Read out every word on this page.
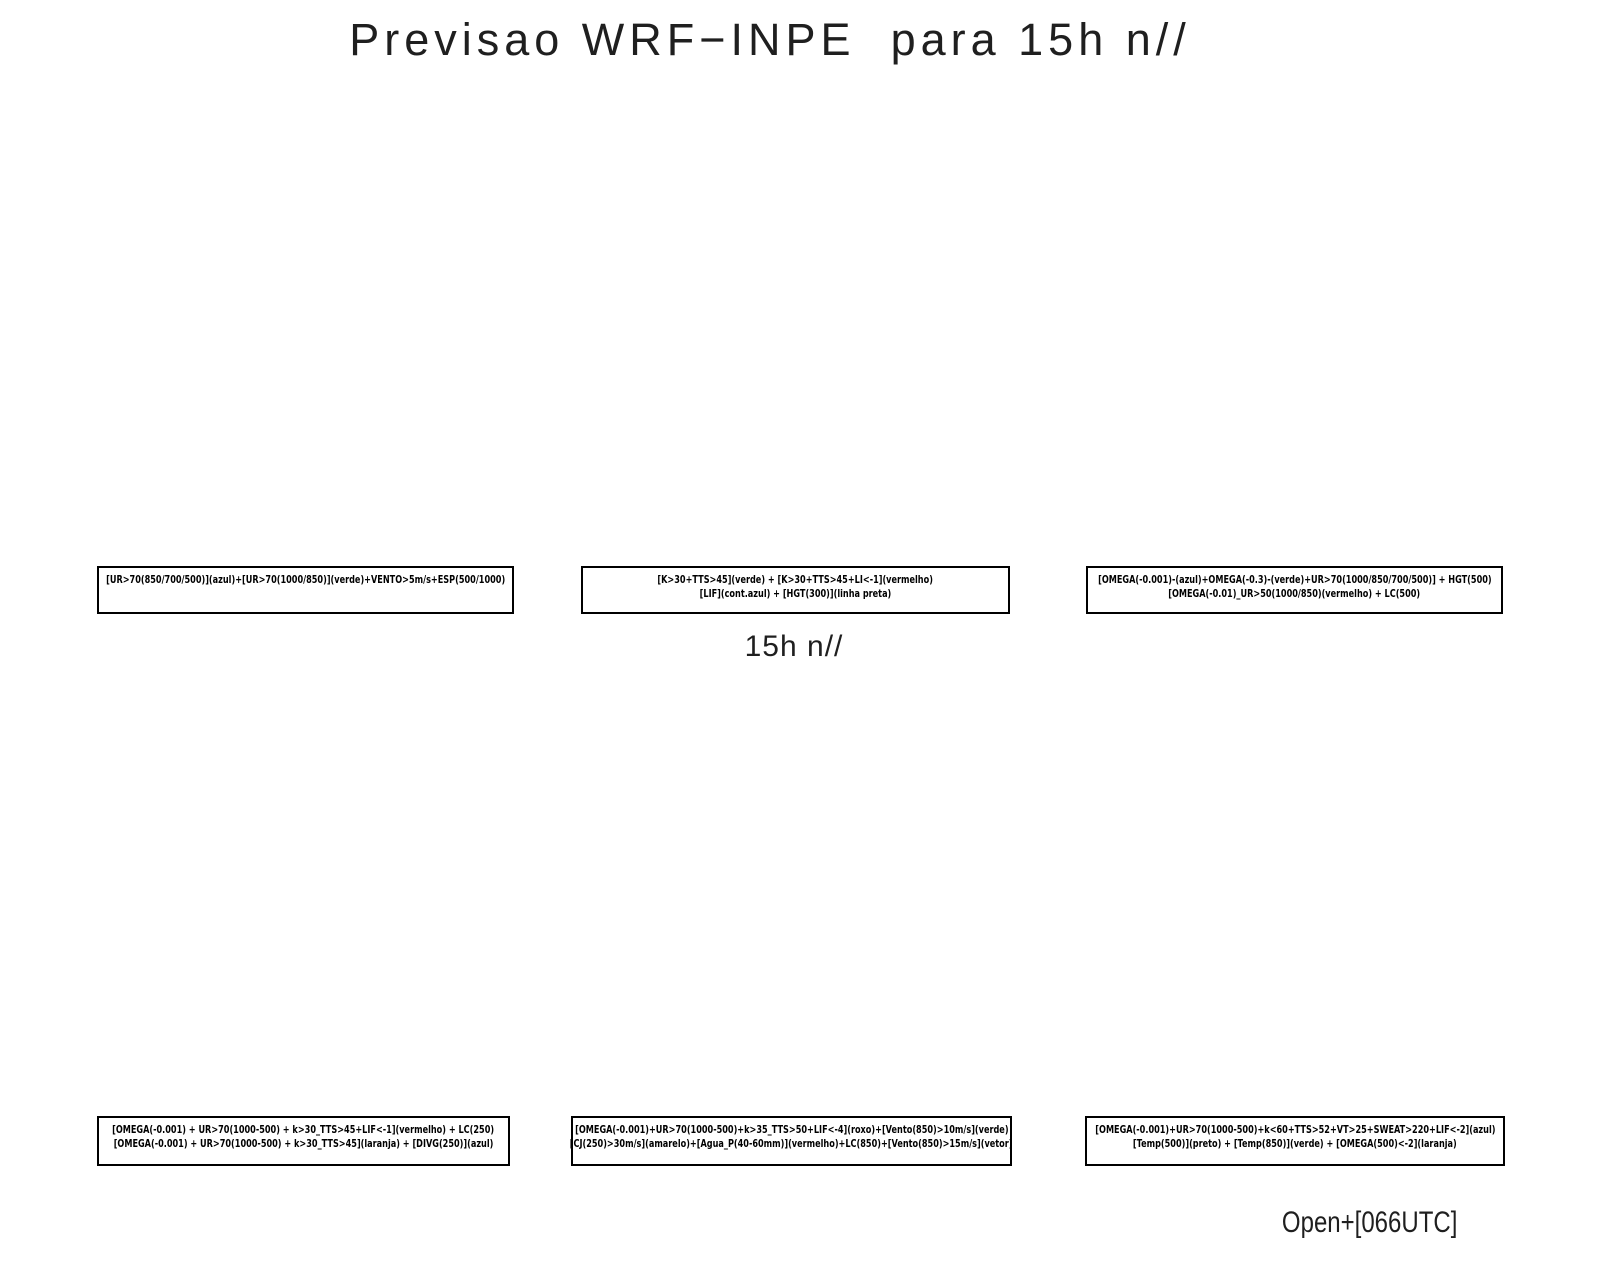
Previsao WRF−INPE  para 15h n//
[UR>70(850/700/500)](azul)+[UR>70(1000/850)](verde)+VENTO>5m/s+ESP(500/1000)	[K>30+TTS>45](verde) + [K>30+TTS>45+LI<-1](vermelho)
[LIF](cont.azul) + [HGT(300)](linha preta)
[OMEGA(-0.001)-(azul)+OMEGA(-0.3)-(verde)+UR>70(1000/850/700/500)] + HGT(500)
[OMEGA(-0.01)_UR>50(1000/850)(vermelho) + LC(500)
15h n//
[OMEGA(-0.001) + UR>70(1000-500) + k>30_TTS>45+LIF<-1](vermelho) + LC(250)
[OMEGA(-0.001) + UR>70(1000-500) + k>30_TTS>45](laranja) + [DIVG(250)](azul)
[OMEGA(-0.001)+UR>70(1000-500)+k>35_TTS>50+LIF<-4](roxo)+[Vento(850)>10m/s](verde)
[CJ(250)>30m/s](amarelo)+[Agua_P(40-60mm)](vermelho)+LC(850)+[Vento(850)>15m/s](vetor)
[OMEGA(-0.001)+UR>70(1000-500)+k<60+TTS>52+VT>25+SWEAT>220+LIF<-2](azul)
[Temp(500)](preto) + [Temp(850)](verde) + [OMEGA(500)<-2](laranja)

Open+[066UTC]
